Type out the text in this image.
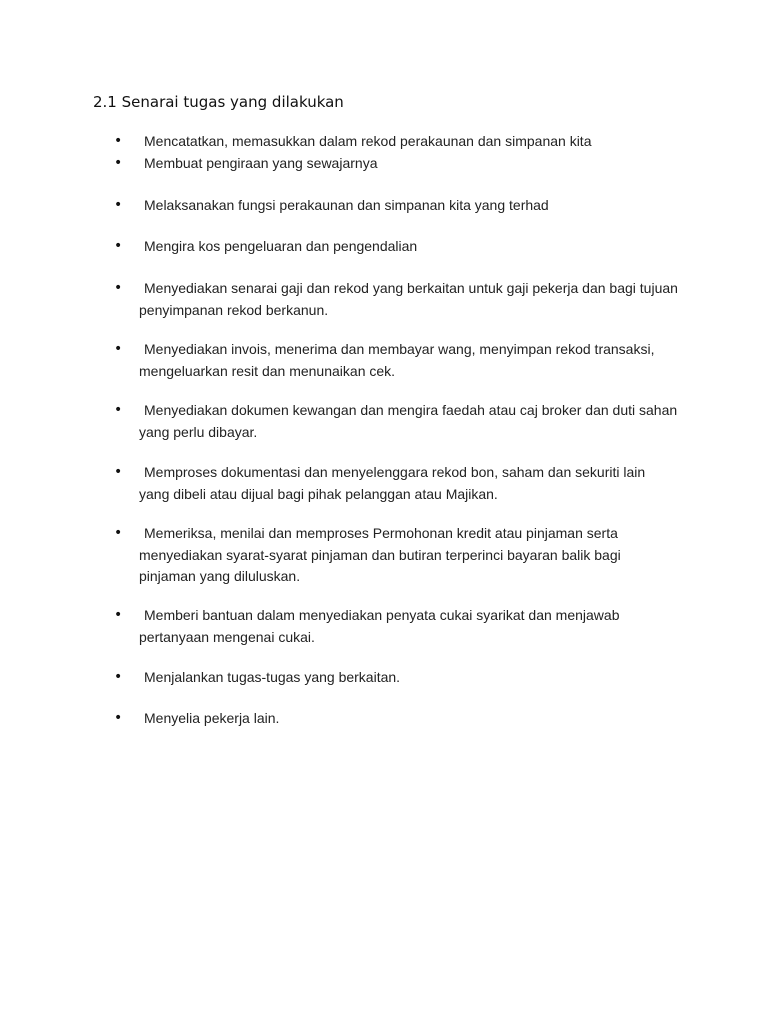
2.1 Senarai tugas yang dilakukan
•	Mencatatkan, memasukkan dalam rekod perakaunan dan simpanan kita

•	Membuat pengiraan yang sewajarnya

•	Melaksanakan fungsi perakaunan dan simpanan kita yang terhad

•	Mengira kos pengeluaran dan pengendalian

•	Menyediakan senarai gaji dan rekod yang berkaitan untuk gaji pekerja dan bagi tujuan penyimpanan rekod berkanun.

•	Menyediakan invois, menerima dan membayar wang, menyimpan rekod transaksi, mengeluarkan resit dan menunaikan cek.

•	Menyediakan dokumen kewangan dan mengira faedah atau caj broker dan duti sahan yang perlu dibayar.

•	Memproses dokumentasi dan menyelenggara rekod bon, saham dan sekuriti lain yang dibeli atau dijual bagi pihak pelanggan atau Majikan.

•	Memeriksa, menilai dan memproses Permohonan kredit atau pinjaman serta menyediakan syarat-syarat pinjaman dan butiran terperinci bayaran balik bagi pinjaman yang diluluskan.

•	Memberi bantuan dalam menyediakan penyata cukai syarikat dan menjawab pertanyaan mengenai cukai.

•	Menjalankan tugas-tugas yang berkaitan.

•	Menyelia pekerja lain.
